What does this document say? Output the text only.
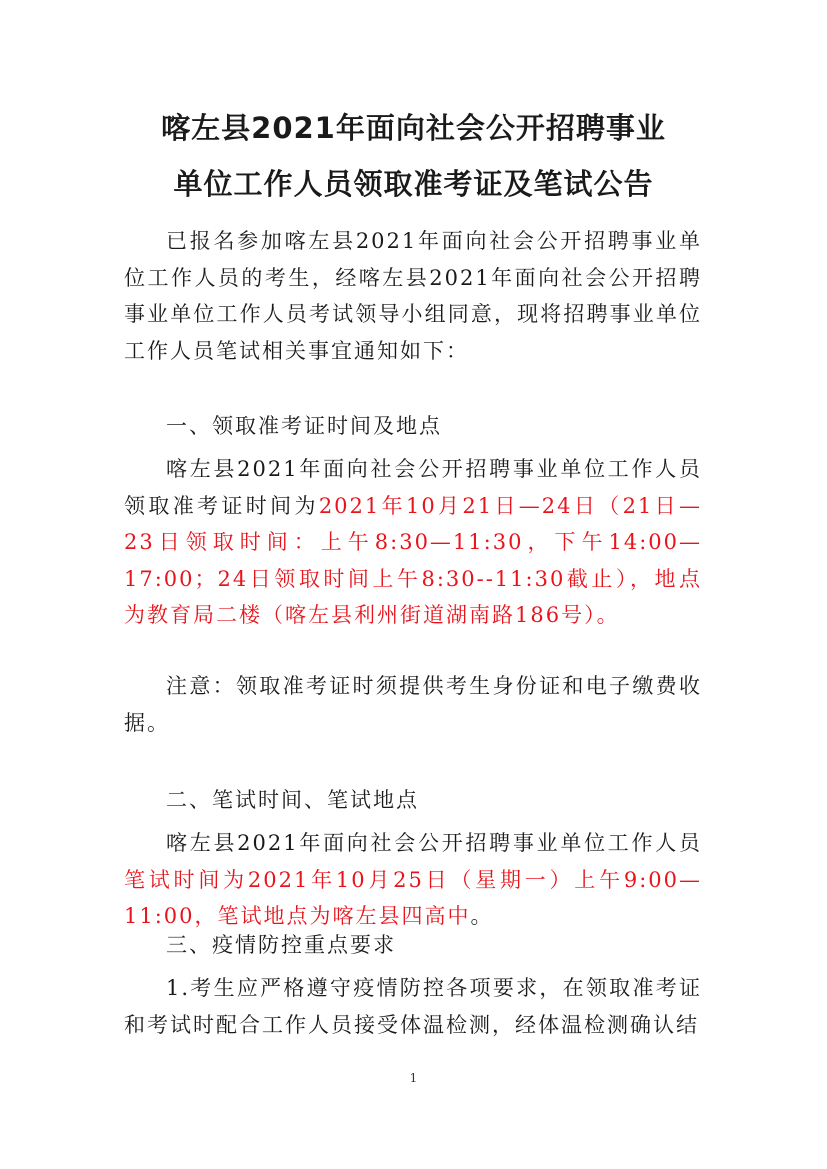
喀左县2021年面向社会公开招聘事业
单位工作人员领取准考证及笔试公告

已报名参加喀左县2021年面向社会公开招聘事业单位工作人员的考生，经喀左县2021年面向社会公开招聘事业单位工作人员考试领导小组同意，现将招聘事业单位工作人员笔试相关事宜通知如下：

一、领取准考证时间及地点

喀左县2021年面向社会公开招聘事业单位工作人员领取准考证时间为2021年10月21日—24日（21日—23日领取时间：上午8:30—11:30，下午14:00—17:00；24日领取时间上午8:30--11:30截止），地点为教育局二楼（喀左县利州街道湖南路186号）。

注意：领取准考证时须提供考生身份证和电子缴费收据。

二、笔试时间、笔试地点

喀左县2021年面向社会公开招聘事业单位工作人员笔试时间为2021年10月25日（星期一）上午9:00—11:00，笔试地点为喀左县四高中。

三、疫情防控重点要求

1.考生应严格遵守疫情防控各项要求，在领取准考证和考试时配合工作人员接受体温检测，经体温检测确认结

1
